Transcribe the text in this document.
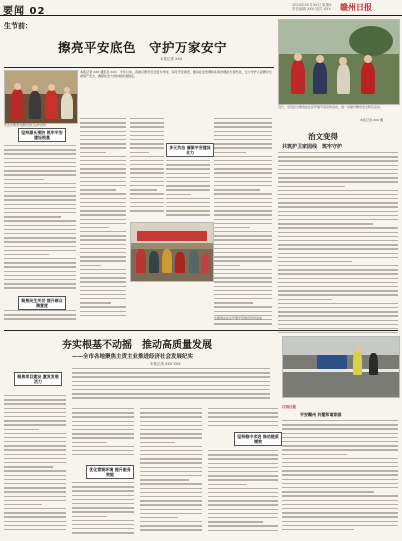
要闻 02
2024年XX月XX日 星期X 责任编辑 XXX 版式 XXX 赣州日报
生节前：
擦亮平安底色　守护万家安宁
本报记者 XXX
平安志愿者为群众进行反诈宣传
本报记者 XXX 通讯员 XXX　今年以来，各地以群众安全感为导向，深化平安建设，推动社会治理体系和治理能力现代化，全力守护人民群众生命财产安全，确保社会大局持续和谐稳定。
坚持源头预防 筑牢平安建设根基
多元共治 凝聚平安建设合力
聚焦民生关切 提升群众满意度
志愿者在社区开展平安建设宣传活动
近日，章贡区志愿者在社区开展平安宣传活动，进一步提升群众安全防范意识。
本报记者 XXX 摄
治文变得
共筑护卫家园线　筑牢守护
夯实根基不动摇　推动高质量发展
——全市各地聚焦主责主业推进经济社会发展纪实
本报记者 XXX XXX
聚焦项目建设 激发发展活力
优化营商环境 提升服务效能
坚持稳中求进 推动提质增效
江西日报
平安赣州 共建和谐家园
